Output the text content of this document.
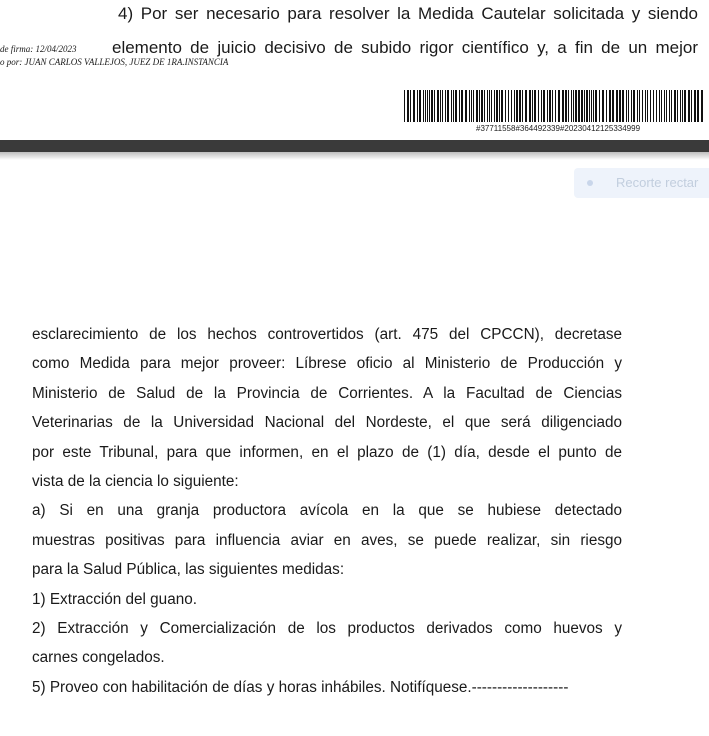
4) Por ser necesario para resolver la Medida Cautelar solicitada y siendo
elemento de juicio decisivo de subido rigor científico y, a fin de un mejor
de firma: 12/04/2023
o por: JUAN CARLOS VALLEJOS, JUEZ DE 1RA.INSTANCIA
#37711558#364492339#20230412125334999
Recorte rectar
esclarecimiento de los hechos controvertidos (art. 475 del CPCCN), decretase
como Medida para mejor proveer: Líbrese oficio al Ministerio de Producción y
Ministerio de Salud de la Provincia de Corrientes. A la Facultad de Ciencias
Veterinarias de la Universidad Nacional del Nordeste, el que será diligenciado
por este Tribunal, para que informen, en el plazo de (1) día, desde el punto de
vista de la ciencia lo siguiente:
a) Si en una granja productora avícola en la que se hubiese detectado
muestras positivas para influencia aviar en aves, se puede realizar, sin riesgo
para la Salud Pública, las siguientes medidas:
1) Extracción del guano.
2) Extracción y Comercialización de los productos derivados como huevos y
carnes congelados.
5) Proveo con habilitación de días y horas inhábiles. Notifíquese.-------------------
